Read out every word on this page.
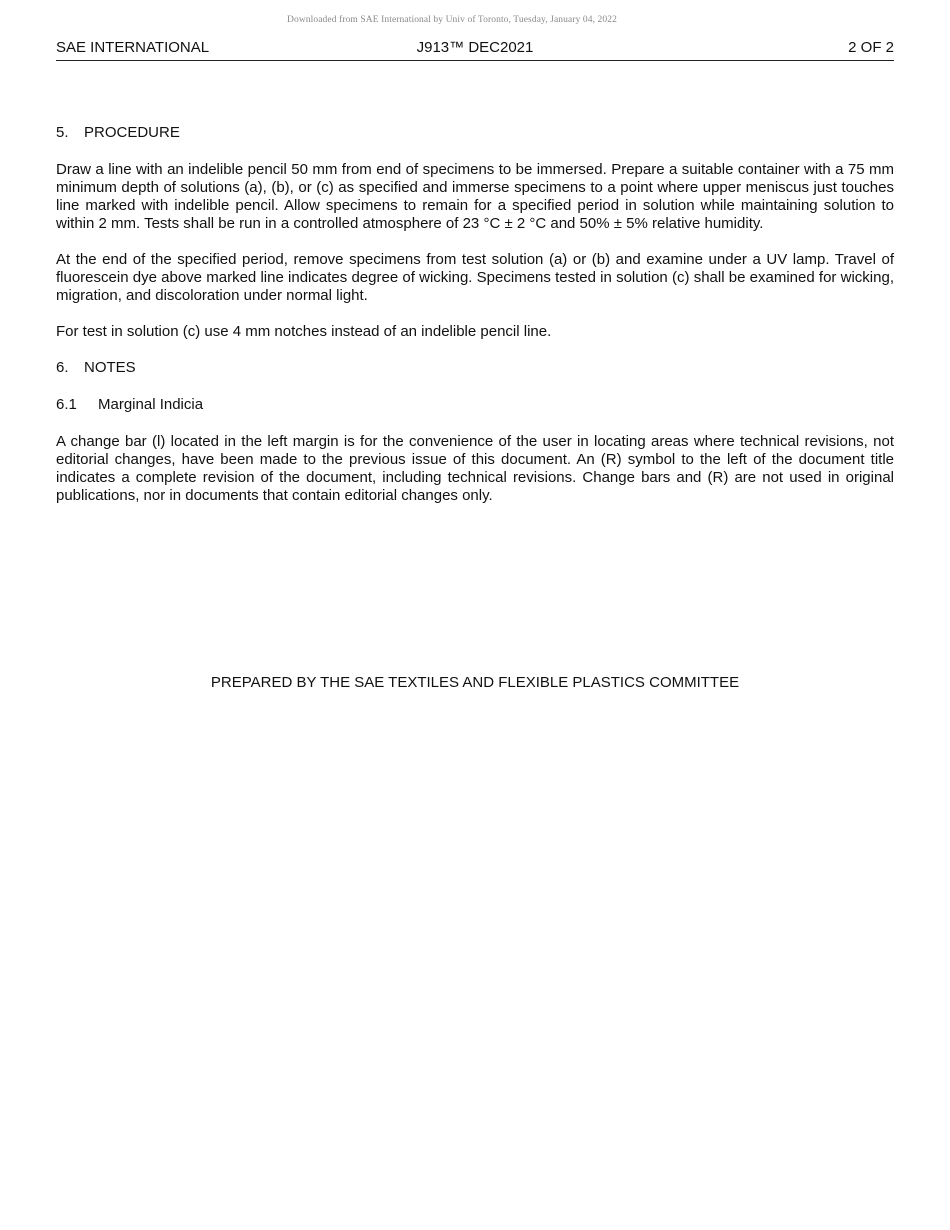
Downloaded from SAE International by Univ of Toronto, Tuesday, January 04, 2022
SAE INTERNATIONAL	J913™ DEC2021	2 OF 2
5. PROCEDURE

Draw a line with an indelible pencil 50 mm from end of specimens to be immersed. Prepare a suitable container with a 75 mm minimum depth of solutions (a), (b), or (c) as specified and immerse specimens to a point where upper meniscus just touches line marked with indelible pencil. Allow specimens to remain for a specified period in solution while maintaining solution to within 2 mm. Tests shall be run in a controlled atmosphere of 23 °C ± 2 °C and 50% ± 5% relative humidity.

At the end of the specified period, remove specimens from test solution (a) or (b) and examine under a UV lamp. Travel of fluorescein dye above marked line indicates degree of wicking. Specimens tested in solution (c) shall be examined for wicking, migration, and discoloration under normal light.

For test in solution (c) use 4 mm notches instead of an indelible pencil line.

6. NOTES
6.1 Marginal Indicia

A change bar (l) located in the left margin is for the convenience of the user in locating areas where technical revisions, not editorial changes, have been made to the previous issue of this document. An (R) symbol to the left of the document title indicates a complete revision of the document, including technical revisions. Change bars and (R) are not used in original publications, nor in documents that contain editorial changes only.

PREPARED BY THE SAE TEXTILES AND FLEXIBLE PLASTICS COMMITTEE
